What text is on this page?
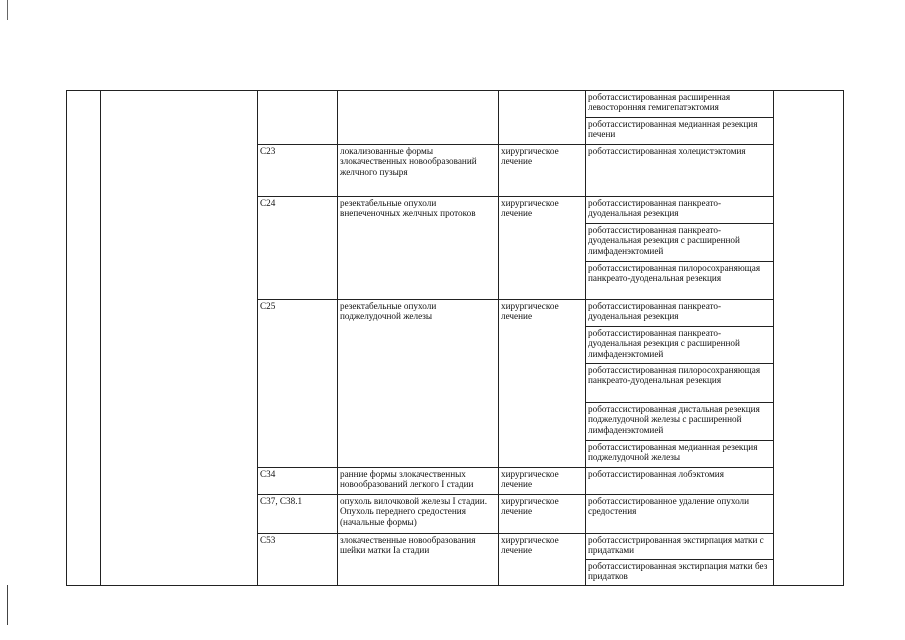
					роботассистированная расширенная левосторонняя гемигепатэктомия	
					роботассистированная медианная резекция печени	
		C23	локализованные формы злокачественных новообразований желчного пузыря	хирургическое лечение	роботассистированная холецистэктомия	
		C24	резектабельные опухоли внепеченочных желчных протоков	хирургическое лечение	роботассистированная панкреато-дуоденальная резекция	
					роботассистированная панкреато-дуоденальная резекция с расширенной лимфаденэктомией	
					роботассистированная пилоросохраняющая панкреато-дуоденальная резекция	
		C25	резектабельные опухоли поджелудочной железы	хирургическое лечение	роботассистированная панкреато-дуоденальная резекция	
					роботассистированная панкреато-дуоденальная резекция с расширенной лимфаденэктомией	
					роботассистированная пилоросохраняющая панкреато-дуоденальная резекция	
					роботассистированная дистальная резекция поджелудочной железы с расширенной лимфаденэктомией	
					роботассистированная медианная резекция поджелудочной железы	
		C34	ранние формы злокачественных новообразований легкого I стадии	хирургическое лечение	роботассистированная лобэктомия	
		C37, C38.1	опухоль вилочковой железы I стадии. Опухоль переднего средостения (начальные формы)	хирургическое лечение	роботассистированное удаление опухоли средостения	
		C53	злокачественные новообразования шейки матки Ia стадии	хирургическое лечение	роботассистрированная экстирпация матки с придатками	
					роботассистированная экстирпация матки без придатков	
